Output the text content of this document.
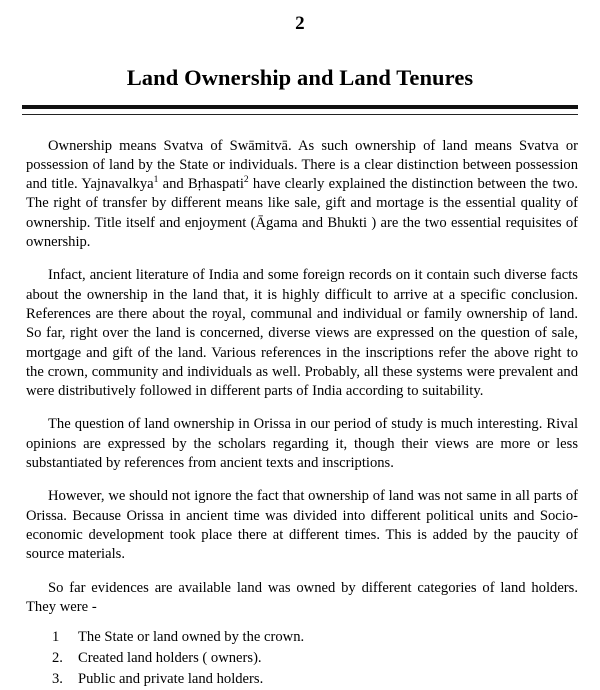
2
Land Ownership and Land Tenures

Ownership means Svatva of Swāmitvā. As such ownership of land means Svatva or possession of land by the State or individuals. There is a clear distinction between possession and title. Yajnavalkya$^1$ and Bṛhaspati$^2$ have clearly explained the distinction between the two. The right of transfer by different means like sale, gift and mortage is the essential quality of ownership. Title itself and enjoyment (Āgama and Bhukti ) are the two essential requisites of ownership.

Infact, ancient literature of India and some foreign records on it contain such diverse facts about the ownership in the land that, it is highly difficult to arrive at a specific conclusion. References are there about the royal, communal and individual or family ownership of land. So far, right over the land is concerned, diverse views are expressed on the question of sale, mortgage and gift of the land. Various references in the inscriptions refer the above right to the crown, community and individuals as well. Probably, all these systems were prevalent and were distributively followed in different parts of India according to suitability.

The question of land ownership in Orissa in our period of study is much interesting. Rival opinions are expressed by the scholars regarding it, though their views are more or less substantiated by references from ancient texts and inscriptions.

However, we should not ignore the fact that ownership of land was not same in all parts of Orissa. Because Orissa in ancient time was divided into different political units and Socio-economic development took place there at different times. This is added by the paucity of source materials.

So far evidences are available land was owned by different categories of land holders. They were -

1	The State or land owned by the crown.
2.	Created land holders ( owners).
3.	Public and private land holders.
